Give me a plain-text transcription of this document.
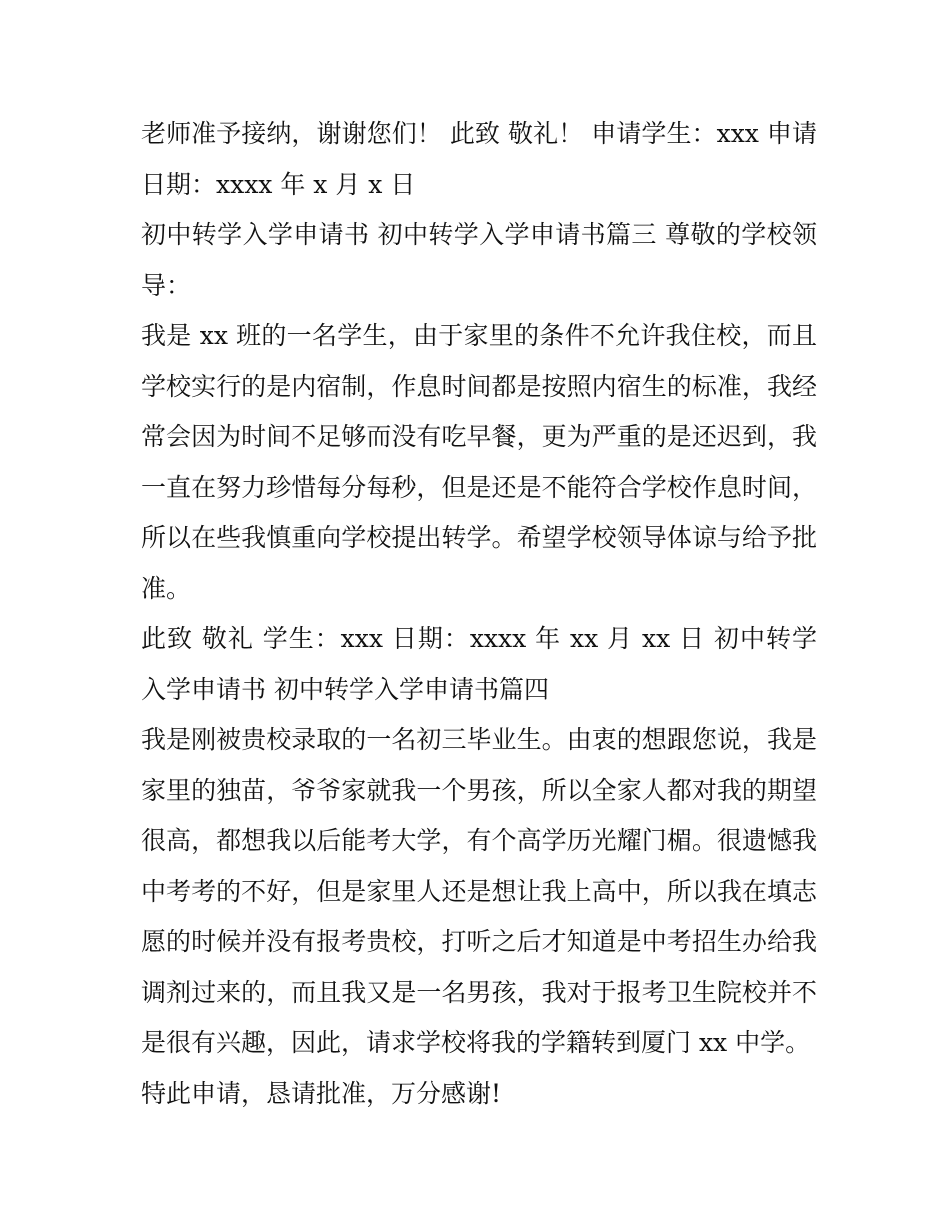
老师准予接纳，谢谢您们！ 此致 敬礼！ 申请学生：xxx 申请日期：xxxx 年 x 月 x 日

初中转学入学申请书 初中转学入学申请书篇三 尊敬的学校领导：

我是 xx 班的一名学生，由于家里的条件不允许我住校，而且学校实行的是内宿制，作息时间都是按照内宿生的标准，我经常会因为时间不足够而没有吃早餐，更为严重的是还迟到，我一直在努力珍惜每分每秒，但是还是不能符合学校作息时间，所以在些我慎重向学校提出转学。希望学校领导体谅与给予批准。

此致 敬礼 学生：xxx 日期：xxxx 年 xx 月 xx 日 初中转学入学申请书 初中转学入学申请书篇四

我是刚被贵校录取的一名初三毕业生。由衷的想跟您说，我是家里的独苗，爷爷家就我一个男孩，所以全家人都对我的期望很高，都想我以后能考大学，有个高学历光耀门楣。很遗憾我中考考的不好，但是家里人还是想让我上高中，所以我在填志愿的时候并没有报考贵校，打听之后才知道是中考招生办给我调剂过来的，而且我又是一名男孩，我对于报考卫生院校并不是很有兴趣，因此，请求学校将我的学籍转到厦门 xx 中学。

特此申请，恳请批准，万分感谢!
